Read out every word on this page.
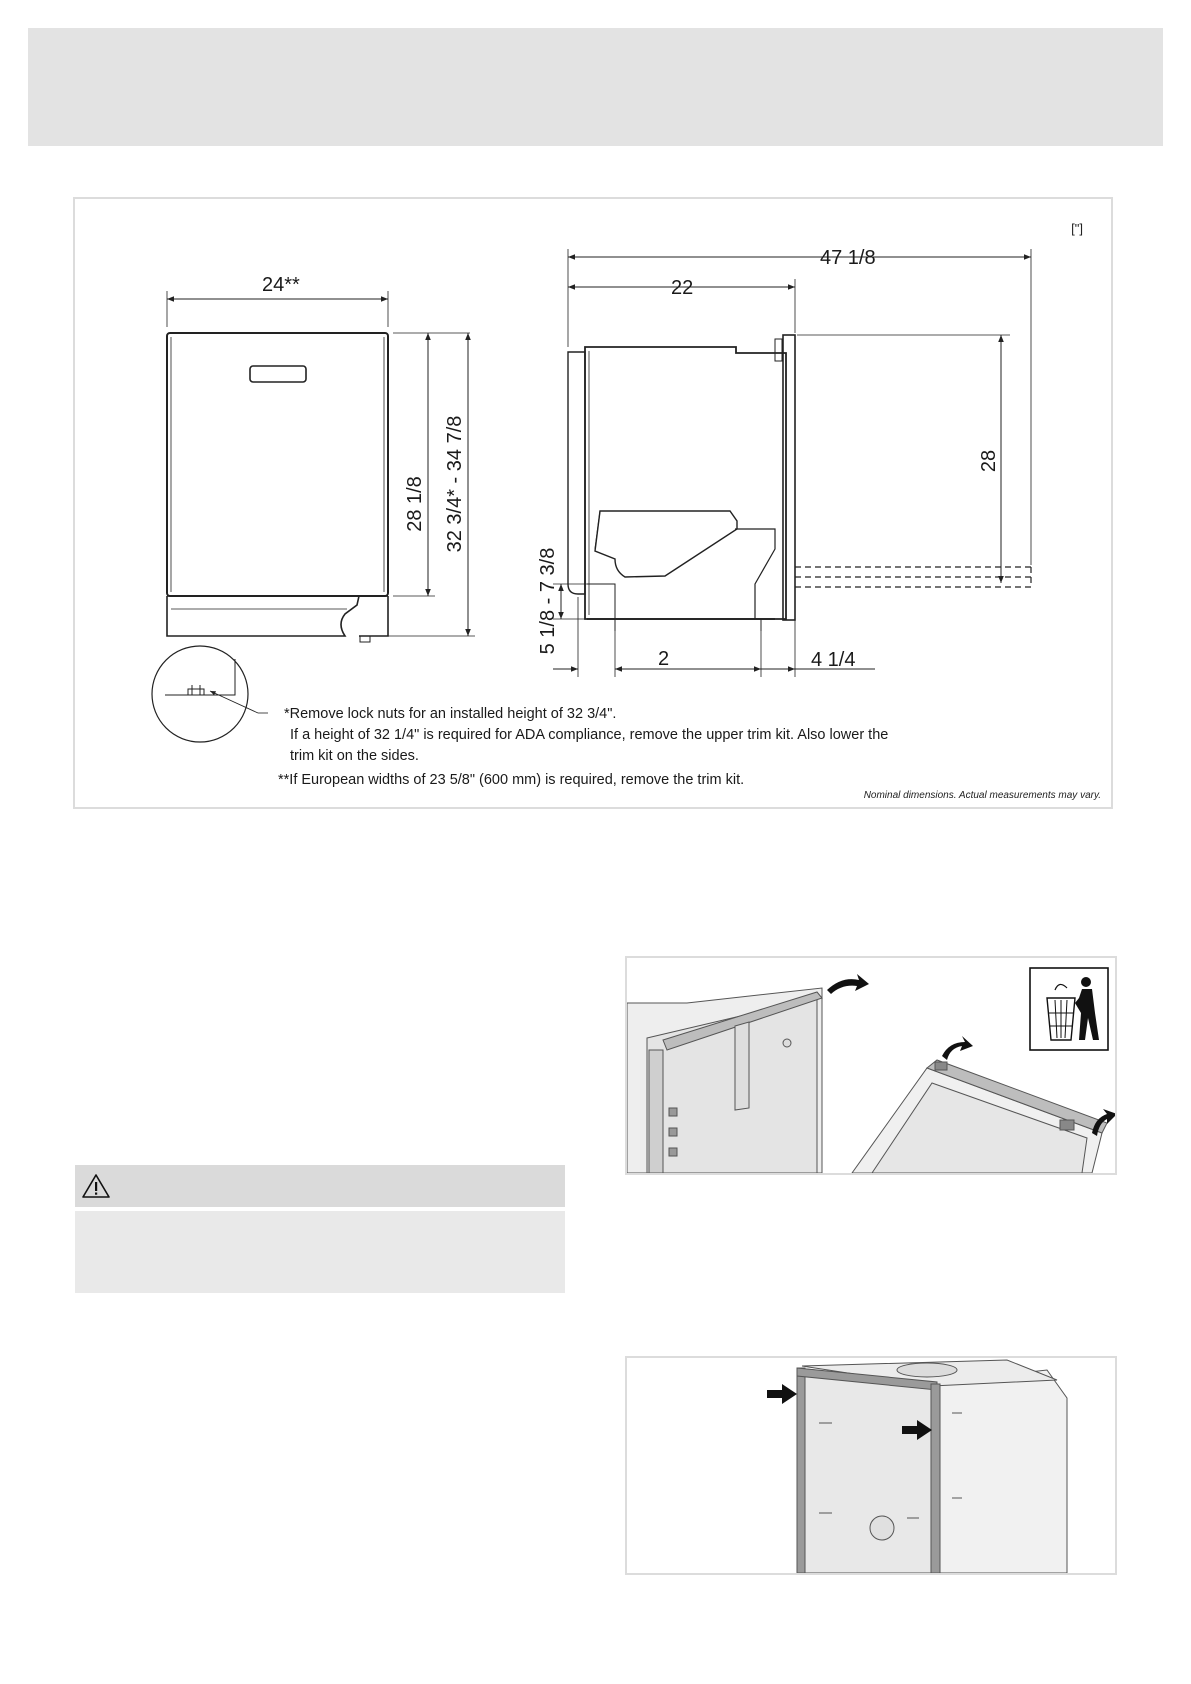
["]
24**
28 1/8 32 3/4* - 34 7/8
47 1/8
22
28
5 1/8 - 7 3/8
2	4 1/4
*Remove lock nuts for an installed height of 32 3/4".
If a height of 32 1/4" is required for ADA compliance, remove the upper trim kit. Also lower the
trim kit on the sides.
**If European widths of 23 5/8" (600 mm) is required, remove the trim kit.
Nominal dimensions. Actual measurements may vary.
